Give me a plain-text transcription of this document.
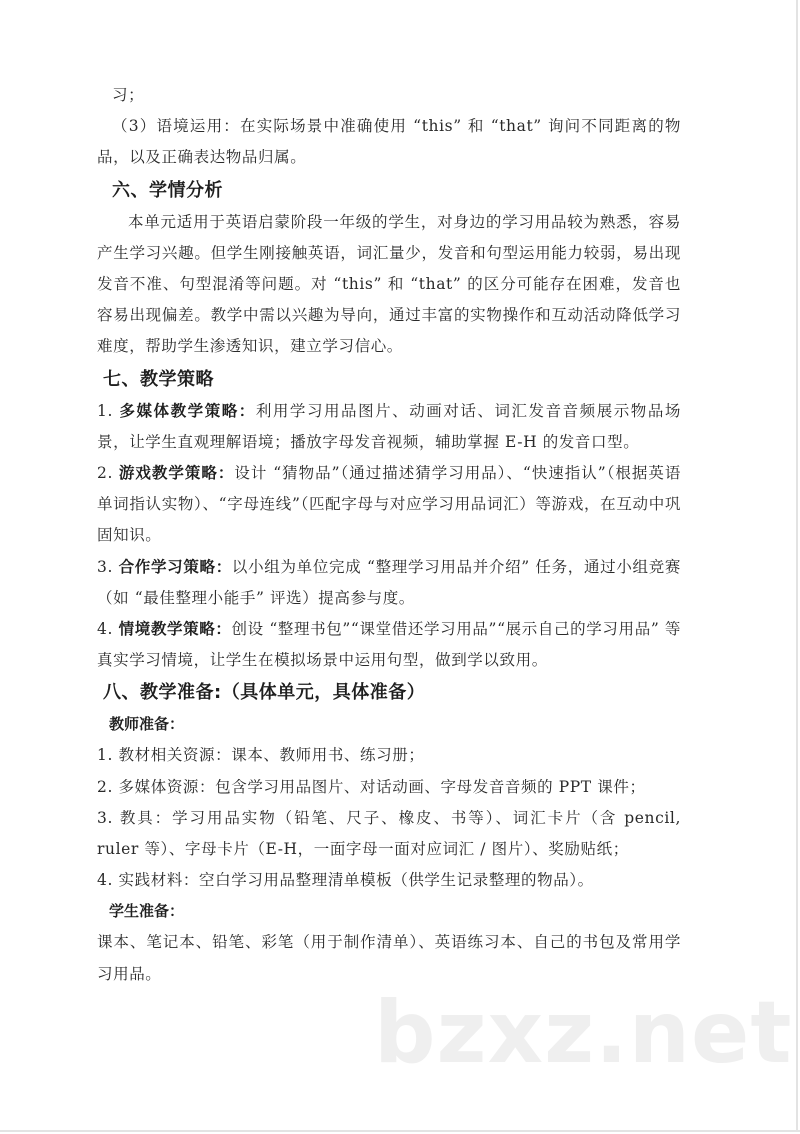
习；
（3）语境运用：在实际场景中准确使用 “this” 和 “that” 询问不同距离的物品，以及正确表达物品归属。
六、学情分析
本单元适用于英语启蒙阶段一年级的学生，对身边的学习用品较为熟悉，容易产生学习兴趣。但学生刚接触英语，词汇量少，发音和句型运用能力较弱，易出现发音不准、句型混淆等问题。对 “this” 和 “that” 的区分可能存在困难，发音也容易出现偏差。教学中需以兴趣为导向，通过丰富的实物操作和互动活动降低学习难度，帮助学生渗透知识，建立学习信心。
七、教学策略
1. 多媒体教学策略：利用学习用品图片、动画对话、词汇发音音频展示物品场景，让学生直观理解语境；播放字母发音视频，辅助掌握 E-H 的发音口型。
2. 游戏教学策略：设计 “猜物品”（通过描述猜学习用品）、“快速指认”（根据英语单词指认实物）、“字母连线”（匹配字母与对应学习用品词汇）等游戏，在互动中巩固知识。
3. 合作学习策略：以小组为单位完成 “整理学习用品并介绍” 任务，通过小组竞赛（如 “最佳整理小能手” 评选）提高参与度。
4. 情境教学策略：创设 “整理书包”“课堂借还学习用品”“展示自己的学习用品” 等真实学习情境，让学生在模拟场景中运用句型，做到学以致用。
八、教学准备:（具体单元，具体准备）
教师准备：
1. 教材相关资源：课本、教师用书、练习册；
2. 多媒体资源：包含学习用品图片、对话动画、字母发音音频的 PPT 课件；
3. 教具：学习用品实物（铅笔、尺子、橡皮、书等）、词汇卡片（含 pencil, ruler 等）、字母卡片（E-H，一面字母一面对应词汇 / 图片）、奖励贴纸；
4. 实践材料：空白学习用品整理清单模板（供学生记录整理的物品）。
学生准备：
课本、笔记本、铅笔、彩笔（用于制作清单）、英语练习本、自己的书包及常用学习用品。
bzxz.net
